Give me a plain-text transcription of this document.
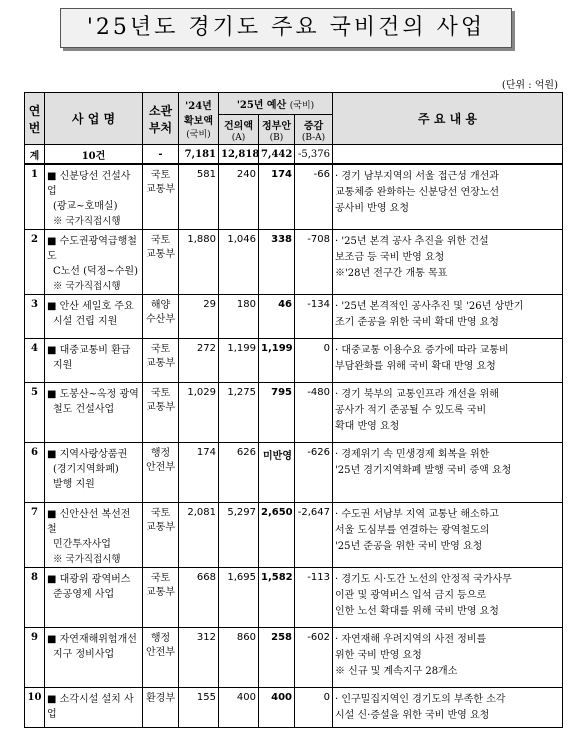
'25년도 경기도 주요 국비건의 사업
(단위 : 억원)
연번	사 업 명	소관부처	'24년
확보액
(국비)	'25년 예산 (국비)			주 요 내 용
				건의액
(A)	정부안
(B)	증감
(B-A)	
계	10건	-	7,181	12,818	7,442	-5,376	
1	■ 신분당선 건설사업
(광교~호매실)
※ 국가직접시행	국토
교통부	581	240	174	-66	· 경기 남부지역의 서울 접근성 개선과
교통체증 완화하는 신분당선 연장노선
공사비 반영 요청

2	■ 수도권광역급행철도
C노선 (덕정~수원)
※ 국가직접시행	국토
교통부	1,880	1,046	338	-708	· '25년 본격 공사 추진을 위한 건설
보조금 등 국비 반영 요청
※'28년 전구간 개통 목표

3	■ 안산 세일호 주요
시설 건립 지원	해양
수산부	29	180	46	-134	· '25년 본격적인 공사추진 및 '26년 상반기
조기 준공을 위한 국비 확대 반영 요청

4	■ 대중교통비 환급
지원	국토
교통부	272	1,199	1,199	0	· 대중교통 이용수요 증가에 따라 교통비
부담완화를 위해 국비 확대 반영 요청

5	■ 도봉산~옥정 광역
철도 건설사업	국토
교통부	1,029	1,275	795	-480	· 경기 북부의 교통인프라 개선을 위해
공사가 적기 준공될 수 있도록 국비
확대 반영 요청

6	■ 지역사랑상품권
(경기지역화폐)
발행 지원	행정
안전부	174	626	미반영	-626	· 경제위기 속 민생경제 회복을 위한
'25년 경기지역화폐 발행 국비 증액 요청

7	■ 신안산선 복선전철
민간투자사업
※ 국가직접시행	국토
교통부	2,081	5,297	2,650	-2,647	· 수도권 서남부 지역 교통난 해소하고
서울 도심부를 연결하는 광역철도의
'25년 준공을 위한 국비 반영 요청

8	■ 대광위 광역버스
준공영제 사업	국토
교통부	668	1,695	1,582	-113	· 경기도 시·도간 노선의 안정적 국가사무
이관 및 광역버스 입석 금지 등으로
인한 노선 확대를 위해 국비 반영 요청

9	■ 자연재해위험개선
지구 정비사업	행정
안전부	312	860	258	-602	· 자연재해 우려지역의 사전 정비를
위한 국비 반영 요청
※ 신규 및 계속지구 28개소

10	■ 소각시설 설치 사업	환경부	155	400	400	0	· 인구밀집지역인 경기도의 부족한 소각
시설 신·증설을 위한 국비 반영 요청
